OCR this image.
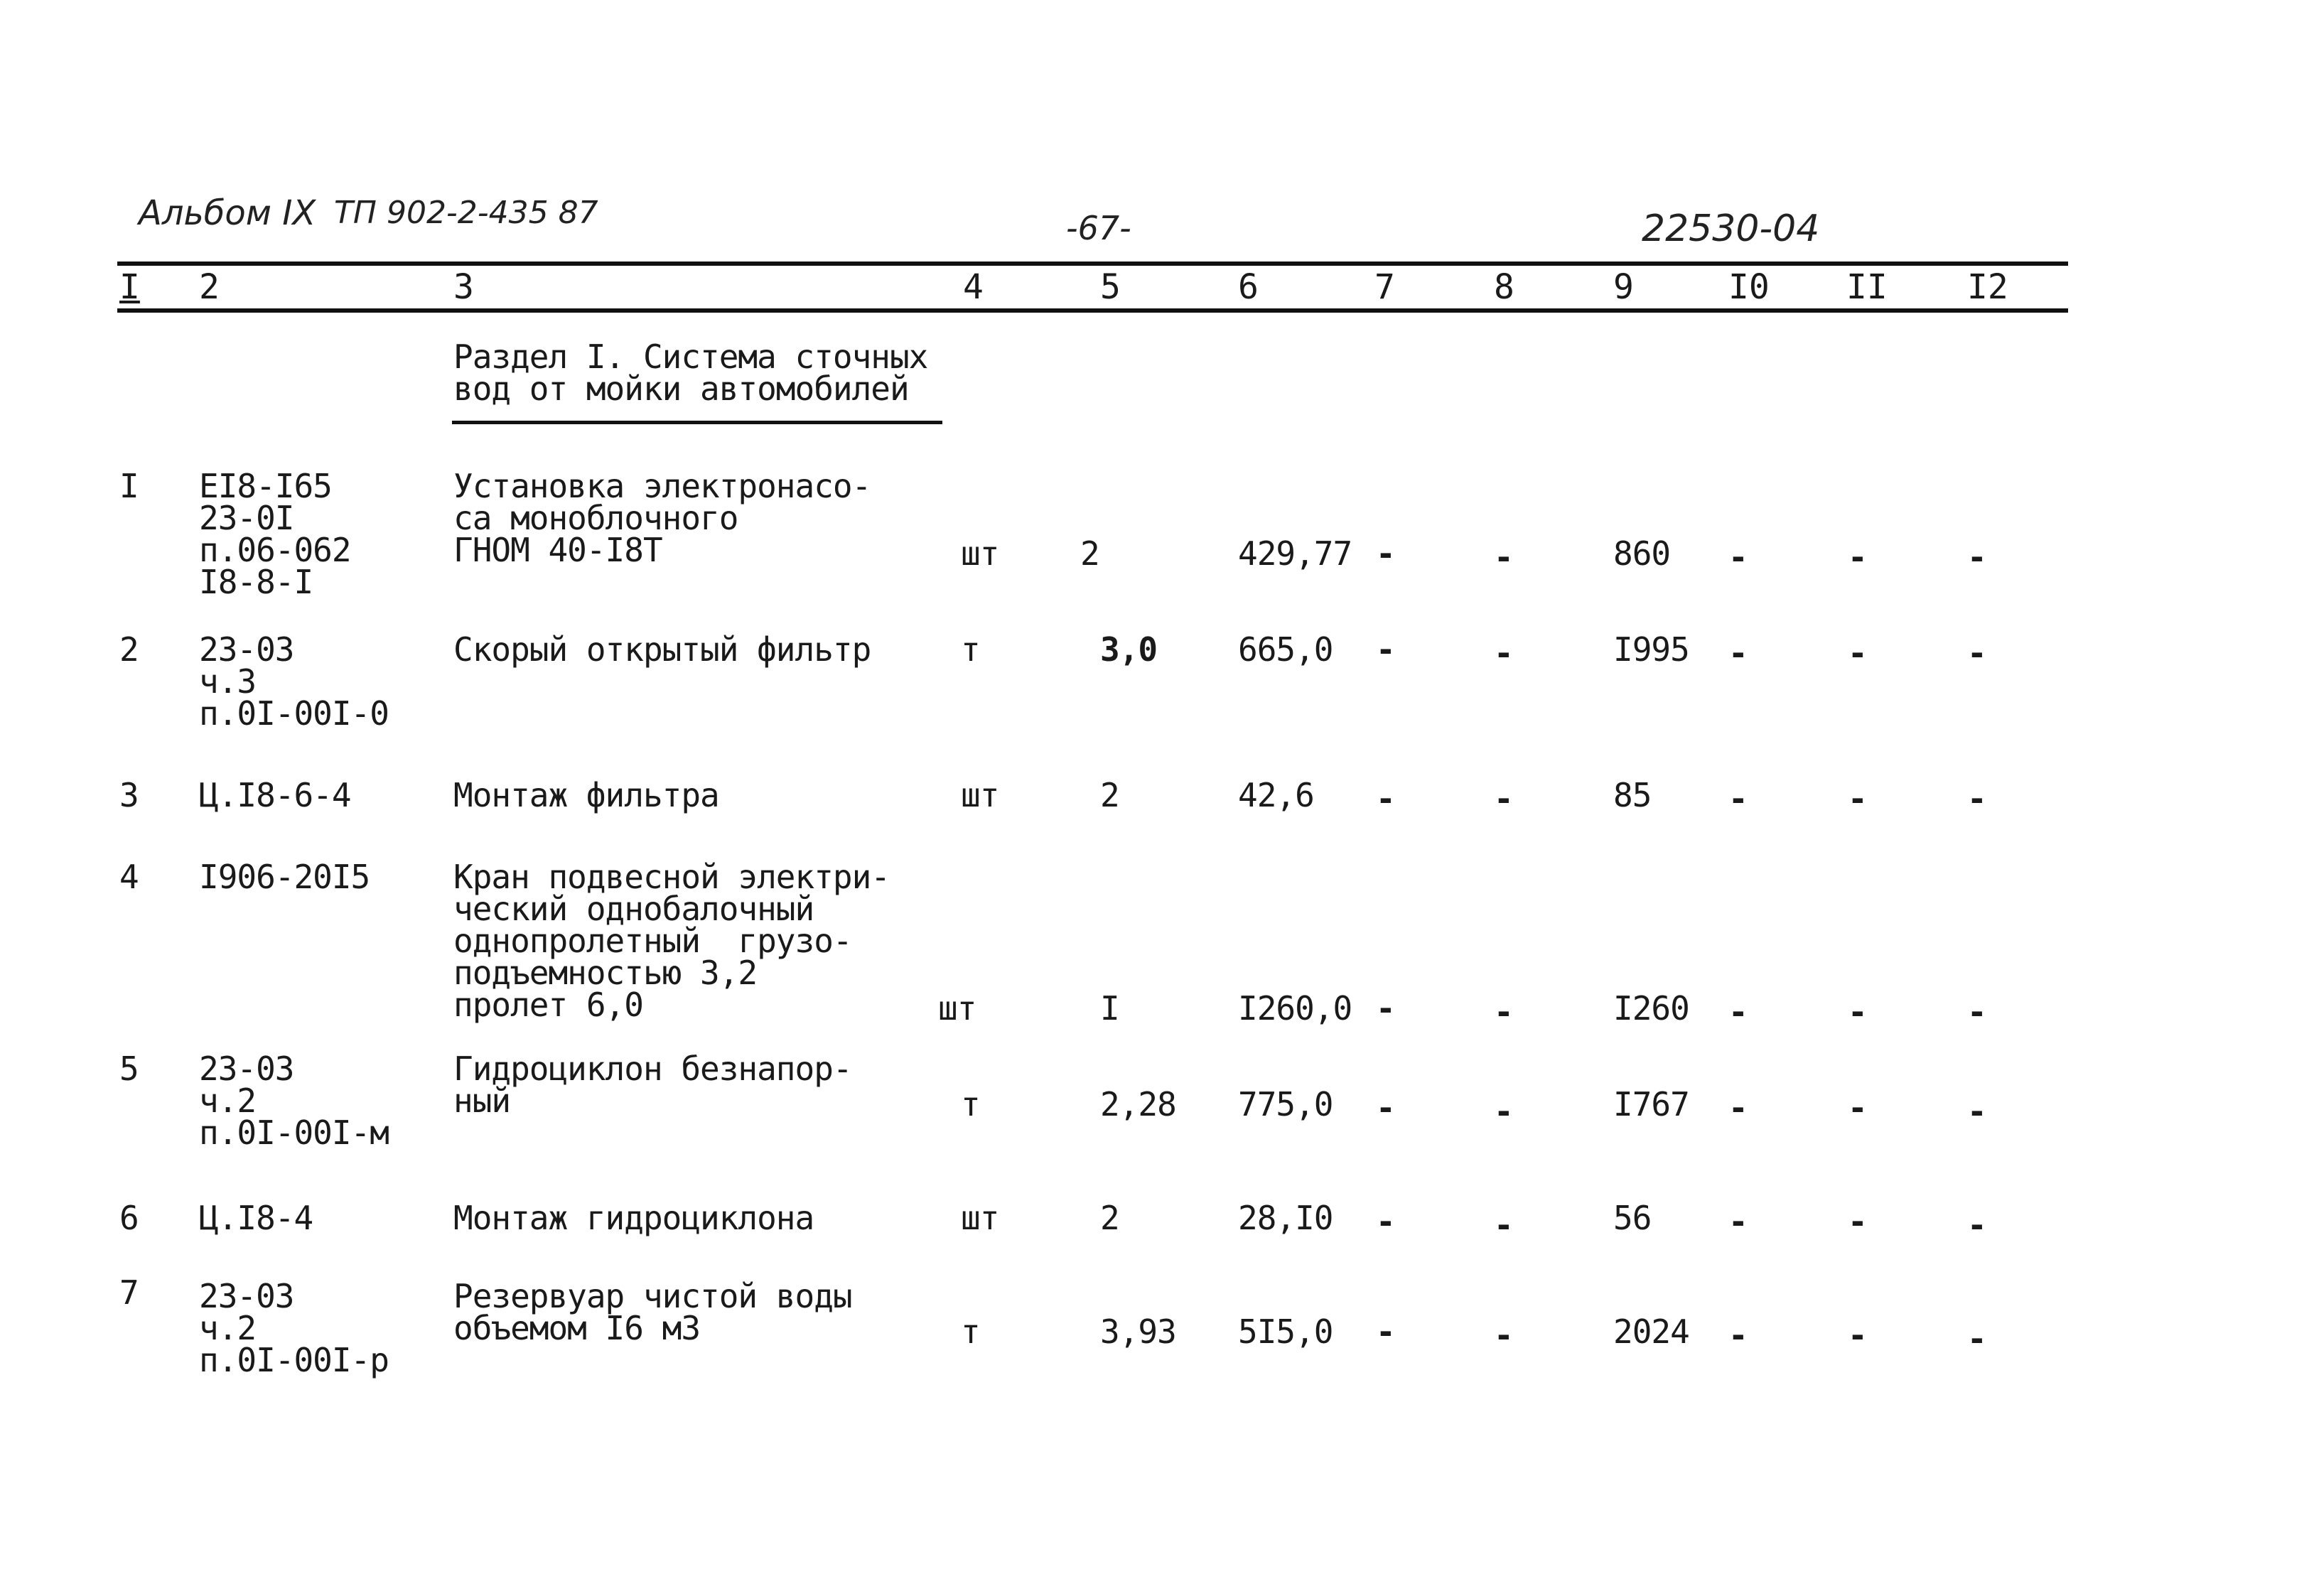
Альбом IX ТП 902-2-435 87	-67-	22530-04
I 2	3	4	5	6	7	8	9	I0 II I2
Раздел I. Система сточных
вод от мойки автомобилей
I ЕI8-I65
23-0I
п.06-062
I8-8-I
Установка электронасо-
са моноблочного
ГНОМ 40-I8Т	шт 2	429,77 -	-	860 -	-	-
2 23-03
ч.3
п.0I-00I-0
Скорый открытый фильтр	т	3,0 665,0 -	-	I995 -	-	-
3 Ц.I8-6-4	Монтаж фильтра	шт	2	42,6 -	-	85 -	-	-
4 I906-20I5	Кран подвесной электри-
ческий однобалочный
однопролетный  грузо-
подъемностью 3,2
пролет 6,0	шт	I	I260,0 -	-	I260 -	-	-
5 23-03
ч.2
п.0I-00I-м
Гидроциклон безнапор-
ный	т	2,28 775,0 -	-	I767 -	-	-
6 Ц.I8-4	Монтаж гидроциклона	шт	2	28,I0 -	-	56 -	-	-
7 23-03
ч.2
п.0I-00I-р
Резервуар чистой воды
объемом I6 м3	т	3,93 5I5,0 -	-	2024 -	-	-
